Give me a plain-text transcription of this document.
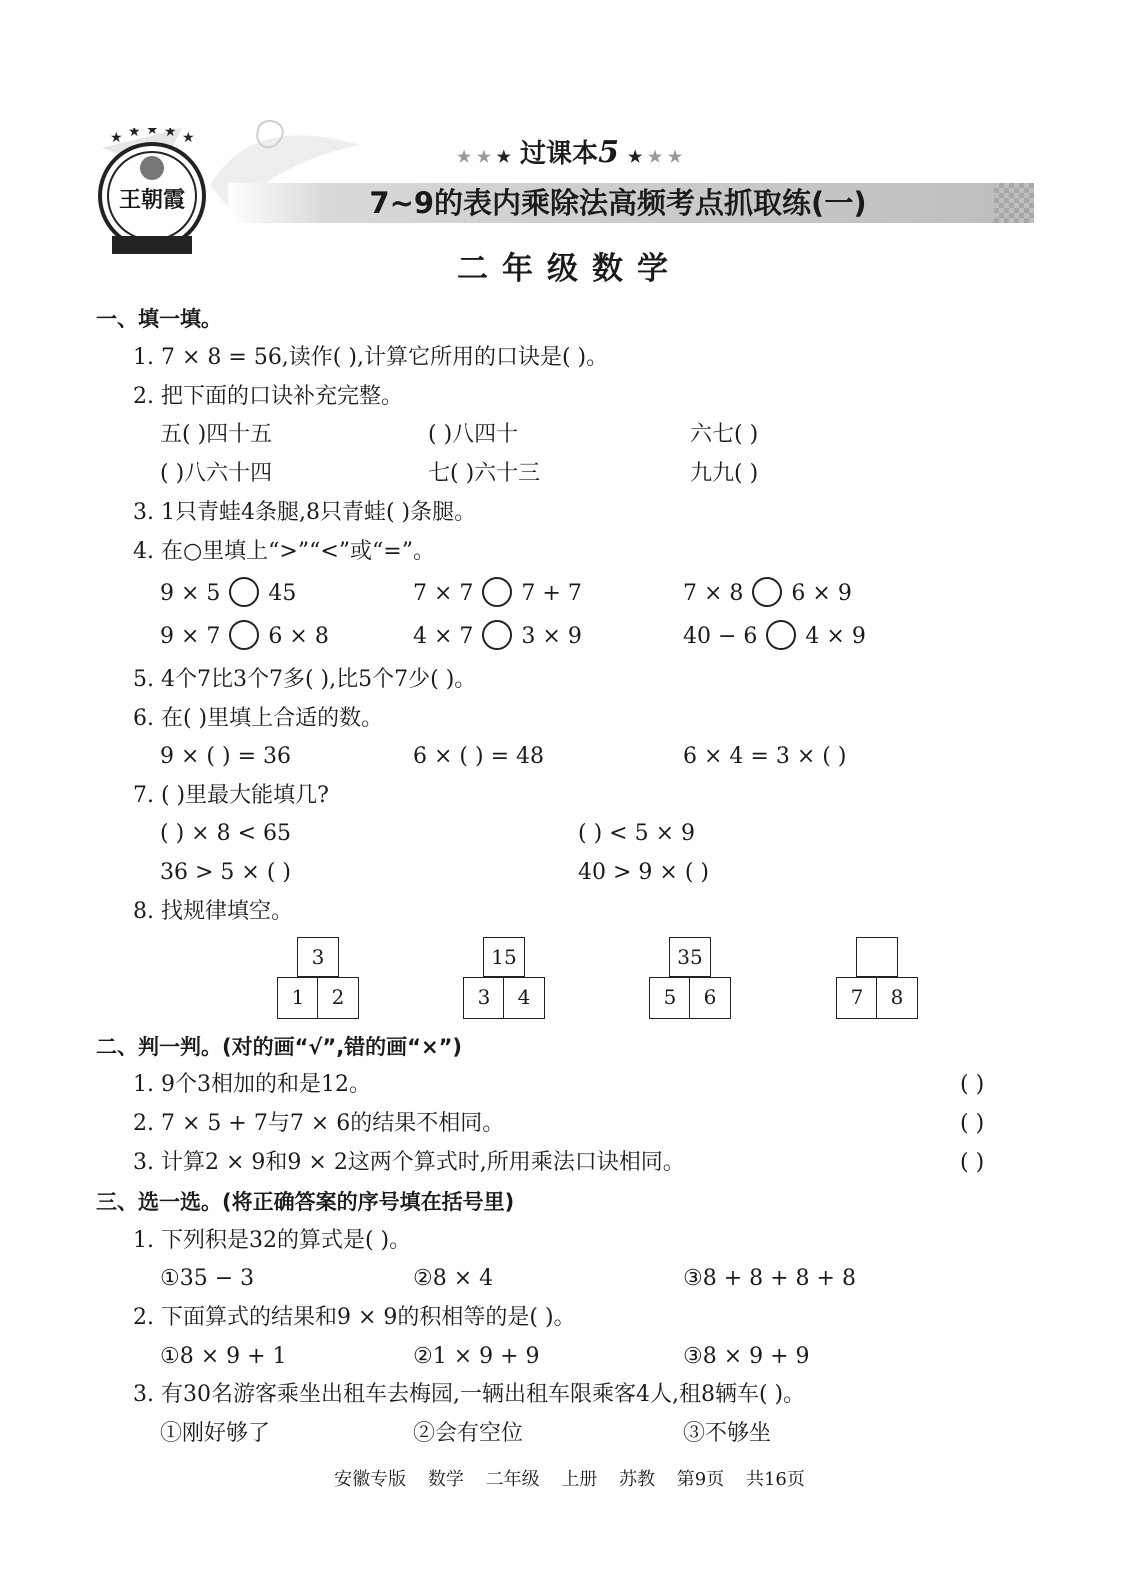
★ ★ ★ ★ ★
王朝霞
★ ★ ★ 过课本5 ★ ★ ★
7~9的表内乘除法高频考点抓取练(一)
二年级数学
一、填一填。
1. 7 × 8 = 56,读作( ),计算它所用的口诀是( )。
2. 把下面的口诀补充完整。
五( )四十五	( )八四十	六七( )
( )八六十四	七( )六十三	九九( )
3. 1只青蛙4条腿,8只青蛙( )条腿。
4. 在○里填上“>”“<”或“=”。
9 × 5 45	7 × 7 7 + 7	7 × 8 6 × 9
9 × 7 6 × 8	4 × 7 3 × 9	40 − 6 4 × 9
5. 4个7比3个7多( ),比5个7少( )。
6. 在( )里填上合适的数。
9 × ( ) = 36	6 × ( ) = 48	6 × 4 = 3 × ( )
7. ( )里最大能填几?
( ) × 8 < 65	( ) < 5 × 9
36 > 5 × ( )	40 > 9 × ( )
8. 找规律填空。
3
1	2
15
3	4
35
5	6	7	8
二、判一判。(对的画“√”,错的画“×”)
1. 9个3相加的和是12。	( )
2. 7 × 5 + 7与7 × 6的结果不相同。	( )
3. 计算2 × 9和9 × 2这两个算式时,所用乘法口诀相同。	( )
三、选一选。(将正确答案的序号填在括号里)
1. 下列积是32的算式是( )。
①35 − 3	②8 × 4	③8 + 8 + 8 + 8
2. 下面算式的结果和9 × 9的积相等的是( )。
①8 × 9 + 1	②1 × 9 + 9	③8 × 9 + 9
3. 有30名游客乘坐出租车去梅园,一辆出租车限乘客4人,租8辆车( )。
①刚好够了	②会有空位	③不够坐
安徽专版 数学 二年级 上册 苏教 第9页 共16页
